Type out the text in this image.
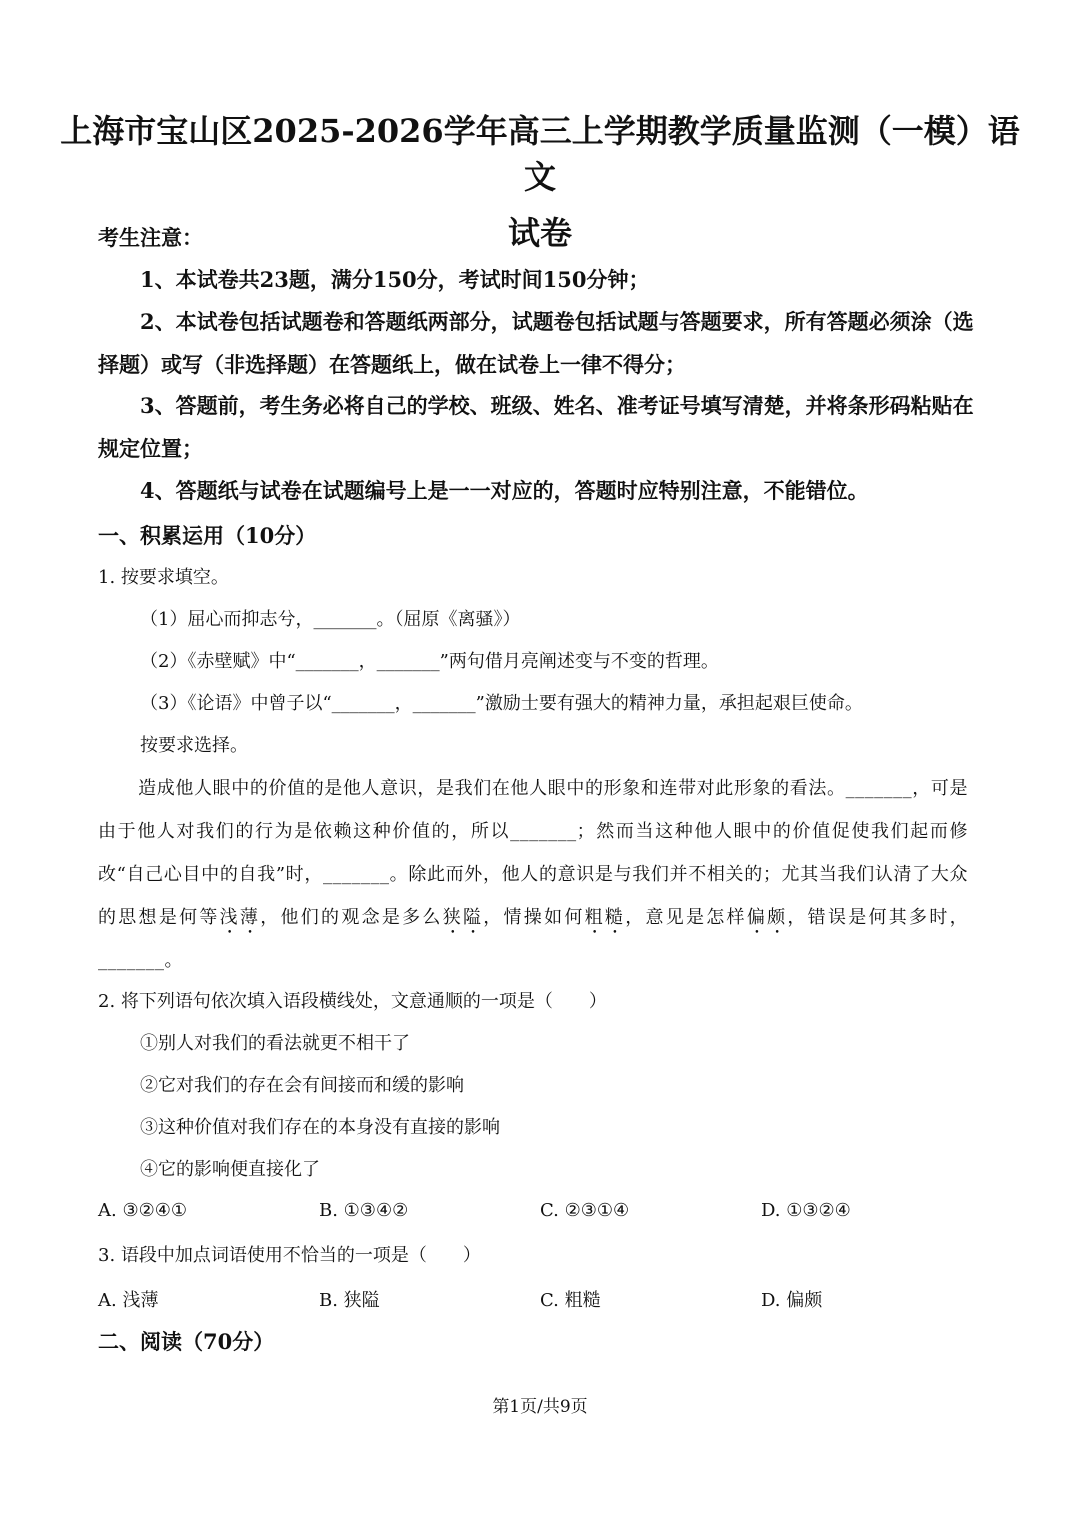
上海市宝山区2025-2026学年高三上学期教学质量监测（一模）语文
试卷
考生注意：
1、本试卷共23题，满分150分，考试时间150分钟；
2、本试卷包括试题卷和答题纸两部分，试题卷包括试题与答题要求，所有答题必须涂（选择题）或写（非选择题）在答题纸上，做在试卷上一律不得分；
3、答题前，考生务必将自己的学校、班级、姓名、准考证号填写清楚，并将条形码粘贴在规定位置；
4、答题纸与试卷在试题编号上是一一对应的，答题时应特别注意，不能错位。
一、积累运用（10分）
1. 按要求填空。
（1）屈心而抑志兮，_______。（屈原《离骚》）
（2）《赤壁赋》中“_______，_______”两句借月亮阐述变与不变的哲理。
（3）《论语》中曾子以“_______，_______”激励士要有强大的精神力量，承担起艰巨使命。
按要求选择。
造成他人眼中的价值的是他人意识，是我们在他人眼中的形象和连带对此形象的看法。_______，可是由于他人对我们的行为是依赖这种价值的，所以_______；然而当这种他人眼中的价值促使我们起而修改“自己心目中的自我”时，_______。除此而外，他人的意识是与我们并不相关的；尤其当我们认清了大众的思想是何等浅薄，他们的观念是多么狭隘，情操如何粗糙，意见是怎样偏颇，错误是何其多时，_______。
2. 将下列语句依次填入语段横线处，文意通顺的一项是（　　）
①别人对我们的看法就更不相干了
②它对我们的存在会有间接而和缓的影响
③这种价值对我们存在的本身没有直接的影响
④它的影响便直接化了
A. ③②④①	B. ①③④②	C. ②③①④	D. ①③②④
3. 语段中加点词语使用不恰当的一项是（　　）
A. 浅薄	B. 狭隘	C. 粗糙	D. 偏颇
二、阅读（70分）
第1页/共9页
